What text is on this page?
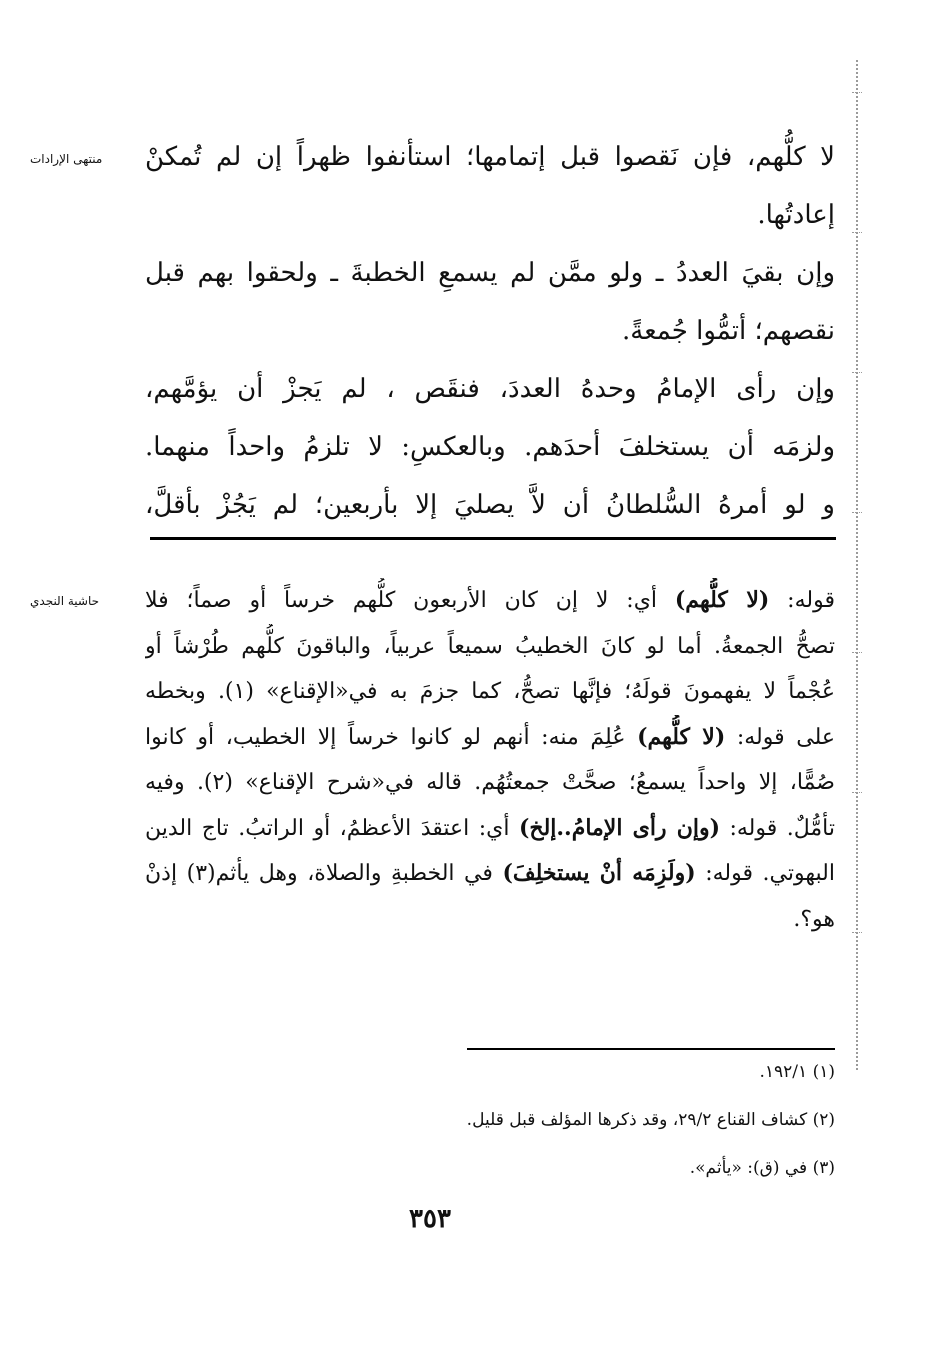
منتهى الإرادات
حاشية النجدي
لا كلُّهم، فإن نَقصوا قبل إتمامها؛ استأنفوا ظهراً إن لم تُمكنْ
إعادتُها.
وإن بقيَ العددُ ـ ولو ممَّن لم يسمعِ الخطبةَ ـ ولحقوا بهم قبل
نقصهم؛ أتمُّوا جُمعةً.
وإن رأى الإمامُ وحدهُ العددَ، فنقَص ، لم يَجزْ أن يؤمَّهم،
ولزمَه أن يستخلفَ أحدَهم. وبالعكسِ: لا تلزمُ واحداً منهما.
و لو أمرهُ السُّلطانُ أن لاَّ يصليَ إلا بأربعين؛ لم يَجُزْ بأقلَّ،
قوله: (لا كلُّهم) أي: لا إن كان الأربعون كلُّهم خرساً أو صماً؛ فلا
تصحُّ الجمعةُ. أما لو كانَ الخطيبُ سميعاً عربياً، والباقونَ كلُّهم طُرْشاً أو
عُجْماً لا يفهمونَ قولَهُ؛ فإنَّها تصحُّ، كما جزمَ به في«الإقناع» (١). وبخطه
على قوله: (لا كلُّهم) عُلِمَ منه: أنهم لو كانوا خرساً إلا الخطيب، أو كانوا
صُمًّا، إلا واحداً يسمعُ؛ صحَّتْ جمعتُهُم. قاله في«شرح الإقناع» (٢). وفيه
تأمُّلٌ. قوله: (وإن رأى الإمامُ..إلخ) أي: اعتقدَ الأعظمُ، أو الراتبُ. تاج الدين
البهوتي. قوله: (ولَزِمَه أنْ يستخلِفَ) في الخطبةِ والصلاة، وهل يأثم(٣) إذنْ
هو؟.
(١) ١٩٢/١.
(٢) كشاف القناع ٢٩/٢، وقد ذكرها المؤلف قبل قليل.
(٣) في (ق): «يأثم».
٣٥٣
